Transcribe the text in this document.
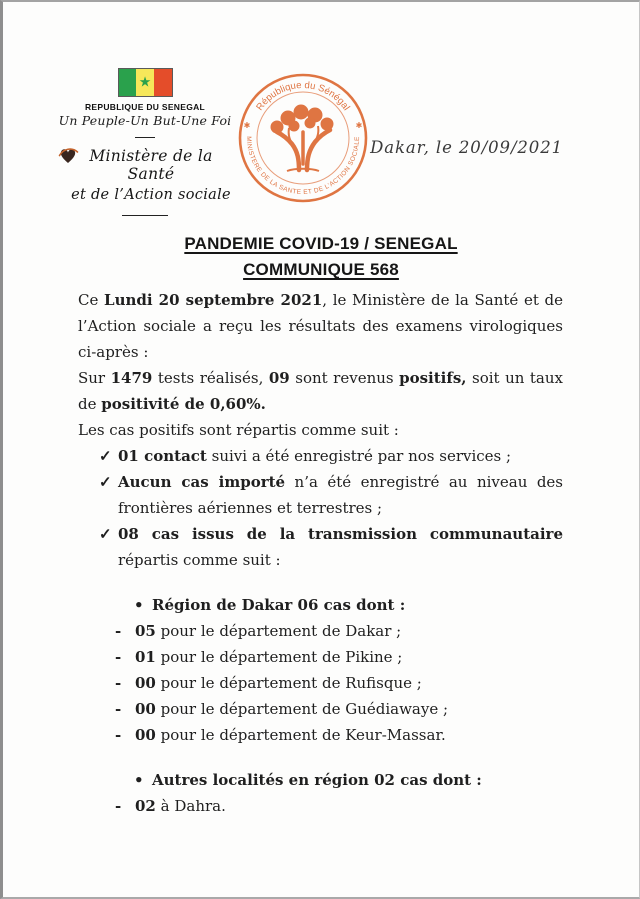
★
REPUBLIQUE DU SENEGAL
Un Peuple-Un But-Une Foi
Ministère de la Santé
et de l’Action sociale
République du Sénégal
MINISTERE DE LA SANTE ET DE L’ACTION SOCIALE
✱	✱
Dakar, le 20/09/2021
PANDEMIE COVID-19 / SENEGAL
COMMUNIQUE 568
Ce Lundi 20 septembre 2021, le Ministère de la Santé et de l’Action sociale a reçu les résultats des examens virologiques ci-après :
Sur 1479 tests réalisés, 09 sont revenus positifs, soit un taux de positivité de 0,60%.
Les cas positifs sont répartis comme suit :
✓ 01 contact suivi a été enregistré par nos services ;
✓ Aucun cas importé n’a été enregistré au niveau des frontières aériennes et terrestres ;
✓ 08 cas issus de la transmission communautaire répartis comme suit :
• Région de Dakar 06 cas dont :
- 05 pour le département de Dakar ;
- 01 pour le département de Pikine ;
- 00 pour le département de Rufisque ;
- 00 pour le département de Guédiawaye ;
- 00 pour le département de Keur-Massar.
• Autres localités en région 02 cas dont :
- 02 à Dahra.
